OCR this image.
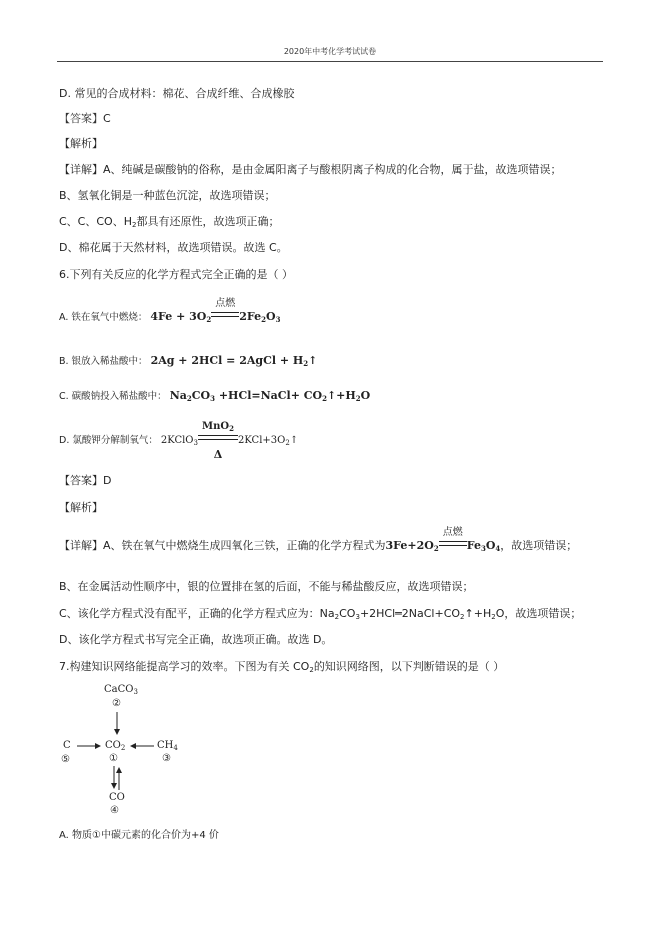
2020年中考化学考试试卷
D. 常见的合成材料：棉花、合成纤维、合成橡胶
【答案】C
【解析】
【详解】A、纯碱是碳酸钠的俗称，是由金属阳离子与酸根阴离子构成的化合物，属于盐，故选项错误；
B、氢氧化铜是一种蓝色沉淀，故选项错误；
C、C、CO、$H_2$都具有还原性，故选项正确；
D、棉花属于天然材料，故选项错误。故选 C。
6.下列有关反应的化学方程式完全正确的是（ ）
A. 铁在氧气中燃烧： $4Fe + 3O_2$
点燃
$2Fe_2O_3$
B. 银放入稀盐酸中： 2Ag + 2HCl = 2AgCl + $H_2↑$
C. 碳酸钠投入稀盐酸中： $Na_2CO_3$ +HCl=NaCl+ $CO_2↑+H_2O$
D. 氯酸钾分解制氧气： 2KClO$_3$
MnO$_2$
Δ
$2KCl+3O_2↑$
【答案】D
【解析】
【详解】A、铁在氧气中燃烧生成四氧化三铁，正确的化学方程式为$3Fe+2O_2$
点燃
$Fe_3O_4$，故选项错误；
B、在金属活动性顺序中，银的位置排在氢的后面，不能与稀盐酸反应，故选项错误；
C、该化学方程式没有配平，正确的化学方程式应为：$Na_2CO_3+2HCl═2NaCl+CO_2↑+H_2O$，故选项错误；
D、该化学方程式书写完全正确，故选项正确。故选 D。
7.构建知识网络能提高学习的效率。下图为有关 $CO_2$的知识网络图，以下判断错误的是（ ）
CaCO$_3$
②
C
⑤
$CO_2$
①
$CH_4$
③
CO
④
A. 物质①中碳元素的化合价为+4 价
